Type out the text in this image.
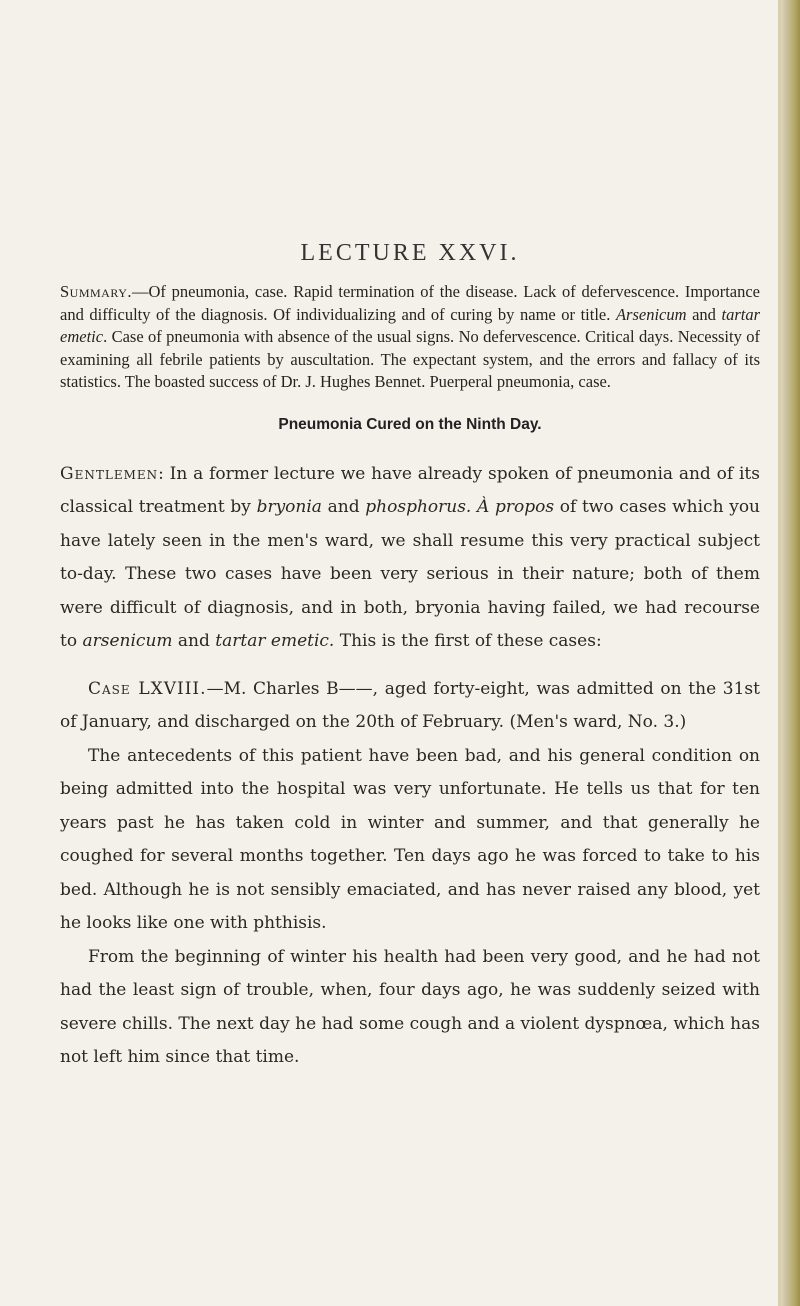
LECTURE XXVI.

Summary.—Of pneumonia, case. Rapid termination of the disease. Lack of defervescence. Importance and difficulty of the diagnosis. Of individualizing and of curing by name or title. Arsenicum and tartar emetic. Case of pneumonia with absence of the usual signs. No defervescence. Critical days. Necessity of examining all febrile patients by auscultation. The expectant system, and the errors and fallacy of its statistics. The boasted success of Dr. J. Hughes Bennet. Puerperal pneumonia, case.

Pneumonia Cured on the Ninth Day.

Gentlemen: In a former lecture we have already spoken of pneumonia and of its classical treatment by bryonia and phosphorus. À propos of two cases which you have lately seen in the men's ward, we shall resume this very practical subject to-day. These two cases have been very serious in their nature; both of them were difficult of diagnosis, and in both, bryonia having failed, we had recourse to arsenicum and tartar emetic. This is the first of these cases:

Case LXVIII.—M. Charles B——, aged forty-eight, was admitted on the 31st of January, and discharged on the 20th of February. (Men's ward, No. 3.)

The antecedents of this patient have been bad, and his general condition on being admitted into the hospital was very unfortunate. He tells us that for ten years past he has taken cold in winter and summer, and that generally he coughed for several months together. Ten days ago he was forced to take to his bed. Although he is not sensibly emaciated, and has never raised any blood, yet he looks like one with phthisis.

From the beginning of winter his health had been very good, and he had not had the least sign of trouble, when, four days ago, he was suddenly seized with severe chills. The next day he had some cough and a violent dyspnœa, which has not left him since that time.
